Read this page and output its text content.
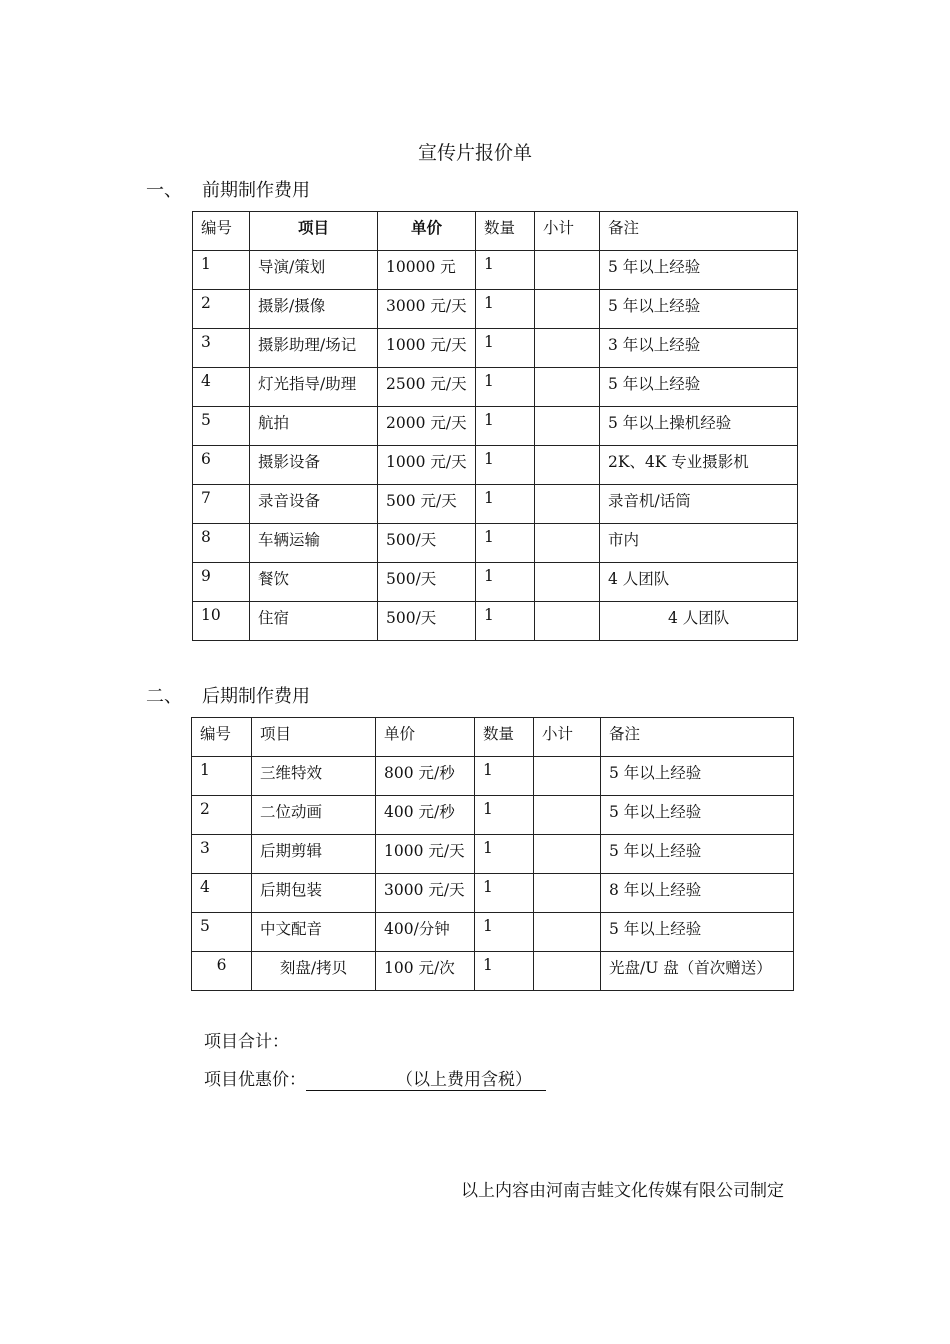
宣传片报价单
一、 前期制作费用
编号	项目	单价	数量	小计	备注
1	导演/策划	10000 元	1		5 年以上经验
2	摄影/摄像	3000 元/天	1		5 年以上经验
3	摄影助理/场记	1000 元/天	1		3 年以上经验
4	灯光指导/助理	2500 元/天	1		5 年以上经验
5	航拍	2000 元/天	1		5 年以上操机经验
6	摄影设备	1000 元/天	1		2K、4K 专业摄影机
7	录音设备	500 元/天	1		录音机/话筒
8	车辆运输	500/天	1		市内
9	餐饮	500/天	1		4 人团队
10	住宿	500/天	1		4 人团队
二、 后期制作费用
编号	项目	单价	数量	小计	备注
1	三维特效	800 元/秒	1		5 年以上经验
2	二位动画	400 元/秒	1		5 年以上经验
3	后期剪辑	1000 元/天	1		5 年以上经验
4	后期包装	3000 元/天	1		8 年以上经验
5	中文配音	400/分钟	1		5 年以上经验
6	刻盘/拷贝	100 元/次	1		光盘/U 盘（首次赠送）
项目合计：
项目优惠价：	（以上费用含税）
以上内容由河南吉蛙文化传媒有限公司制定
